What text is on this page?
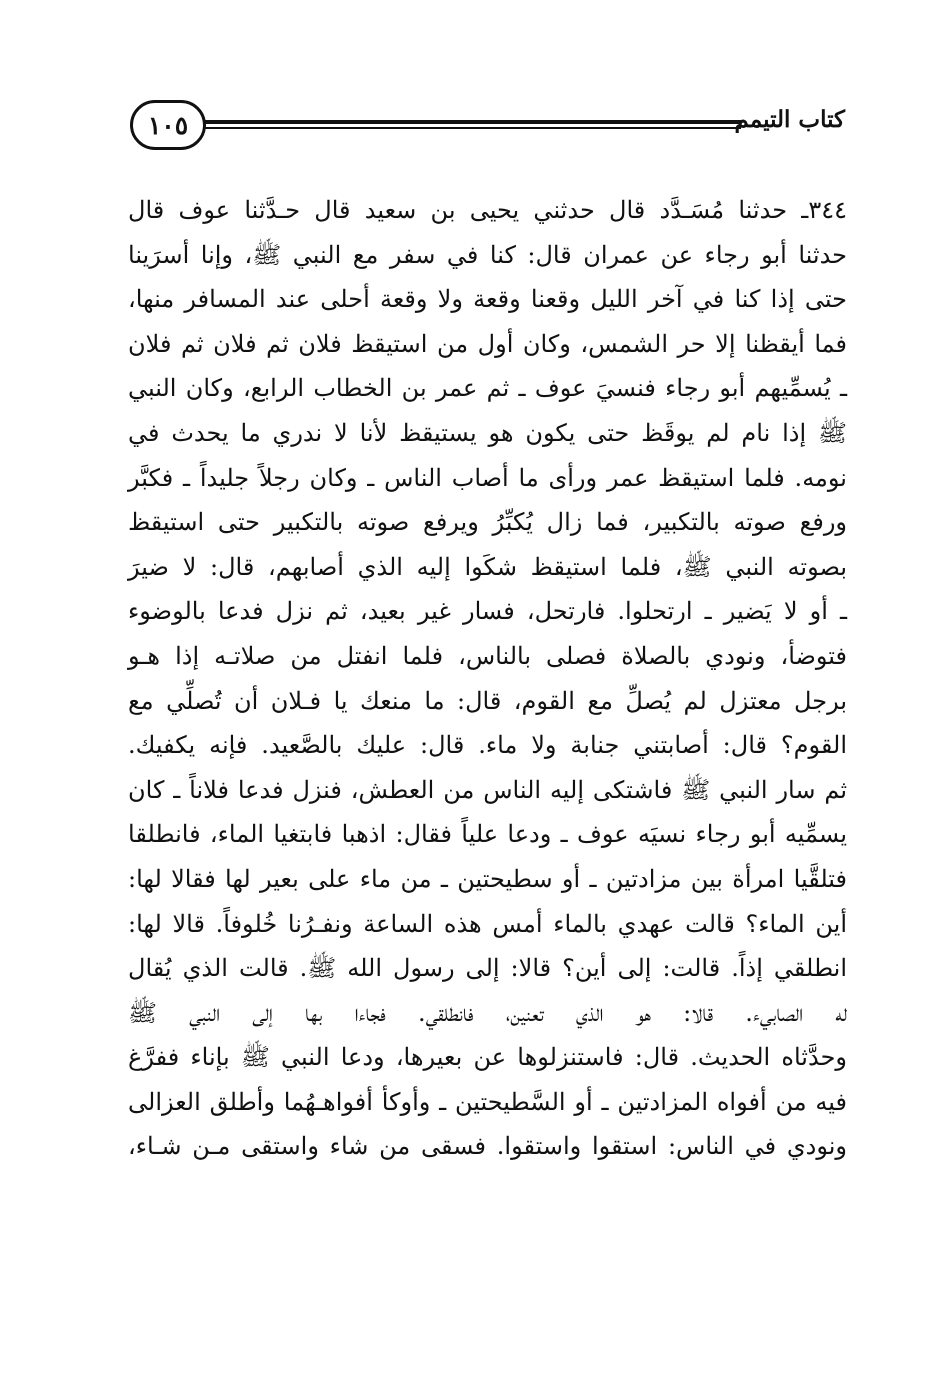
١٠٥	كتاب التيمم
٣٤٤ـ حدثنا مُسَـدَّد قال حدثني يحيى بن سعيد قال حـدَّثنا عوف قال
حدثنا أبو رجاء عن عمران قال: كنا في سفر مع النبي ﷺ، وإنا أسرَينا
حتى إذا كنا في آخر الليل وقعنا وقعة ولا وقعة أحلى عند المسافر منها،
فما أيقظنا إلا حر الشمس، وكان أول من استيقظ فلان ثم فلان ثم فلان
ـ يُسمِّيهم أبو رجاء فنسيَ عوف ـ ثم عمر بن الخطاب الرابع، وكان النبي
ﷺ إذا نام لم يوقَظ حتى يكون هو يستيقظ لأنا لا ندري ما يحدث في
نومه. فلما استيقظ عمر ورأى ما أصاب الناس ـ وكان رجلاً جليداً ـ فكبَّر
ورفع صوته بالتكبير، فما زال يُكبِّرُ ويرفع صوته بالتكبير حتى استيقظ
بصوته النبي ﷺ، فلما استيقظ شكَوا إليه الذي أصابهم، قال: لا ضيرَ
ـ أو لا يَضير ـ ارتحلوا. فارتحل، فسار غير بعيد، ثم نزل فدعا بالوضوء
فتوضأ، ونودي بالصلاة فصلى بالناس، فلما انفتل من صلاتـه إذا هـو
برجل معتزل لم يُصلِّ مع القوم، قال: ما منعك يا فـلان أن تُصلِّي مع
القوم؟ قال: أصابتني جنابة ولا ماء. قال: عليك بالصَّعيد. فإنه يكفيك.
ثم سار النبي ﷺ فاشتكى إليه الناس من العطش، فنزل فدعا فلاناً ـ كان
يسمِّيه أبو رجاء نسيَه عوف ـ ودعا علياً فقال: اذهبا فابتغيا الماء، فانطلقا
فتلقَّيا امرأة بين مزادتين ـ أو سطيحتين ـ من ماء على بعير لها فقالا لها:
أين الماء؟ قالت عهدي بالماء أمس هذه الساعة ونفـرُنا خُلوفاً. قالا لها:
انطلقي إذاً. قالت: إلى أين؟ قالا: إلى رسول الله ﷺ. قالت الذي يُقال
له الصابيء. قالا: هو الذي تعنين، فانطلقي. فجاءا بها إلى النبي ﷺ
وحدَّثاه الحديث. قال: فاستنزلوها عن بعيرها، ودعا النبي ﷺ بإناء ففرَّغ
فيه من أفواه المزادتين ـ أو السَّطيحتين ـ وأوكأ أفواهـهُما وأطلق العزالى
ونودي في الناس: استقوا واستقوا. فسقى من شاء واستقى مـن شـاء،
